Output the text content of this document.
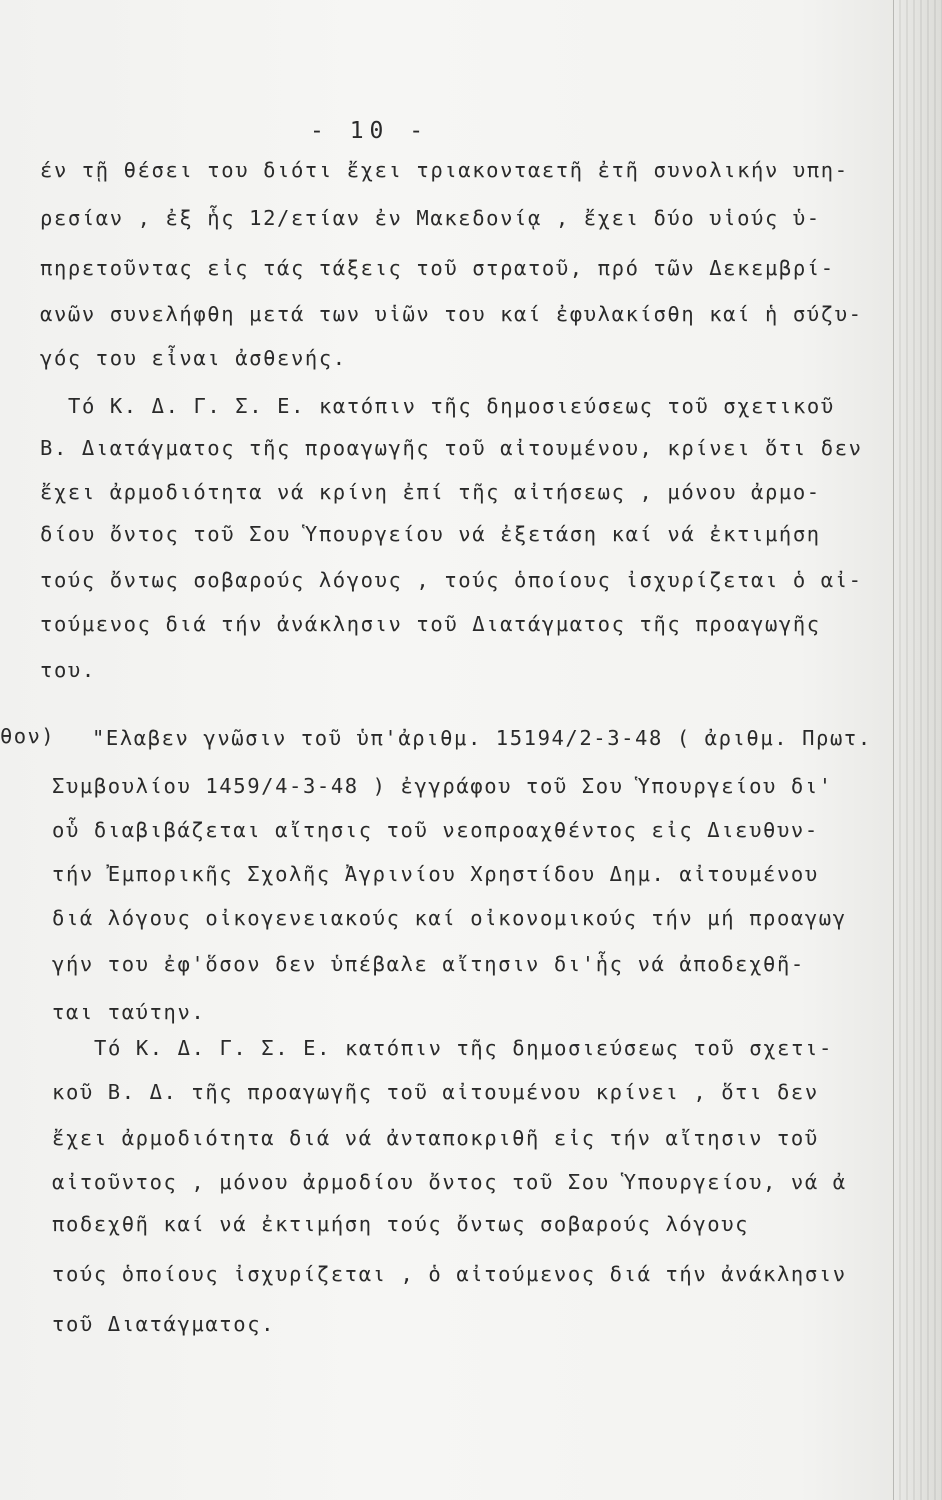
- 10 -
θον)
έν τῇ θέσει του διότι ἔχει τριακονταετῆ ἐτῆ συνολικήν υπη-
ρεσίαν , ἐξ ἧς 12/ετίαν ἐν Μακεδονίᾳ , ἔχει δύο υἱούς ὑ-
πηρετοῦντας εἰς τάς τάξεις τοῦ στρατοῦ, πρό τῶν Δεκεμβρί-
ανῶν συνελήφθη μετά των υἱῶν του καί ἐφυλακίσθη καί ἡ σύζυ-
γός του εἶναι ἀσθενής.
Τό Κ. Δ. Γ. Σ. Ε. κατόπιν τῆς δημοσιεύσεως τοῦ σχετικοῦ
Β. Διατάγματος τῆς προαγωγῆς τοῦ αἰτουμένου, κρίνει ὅτι δεν
ἔχει ἀρμοδιότητα νά κρίνη ἐπί τῆς αἰτήσεως , μόνου ἀρμο-
δίου ὄντος τοῦ Σου Ὑπουργείου νά ἐξετάση καί νά ἐκτιμήση
τούς ὄντως σοβαρούς λόγους , τούς ὁποίους ἰσχυρίζεται ὁ αἰ-
τούμενος διά τήν ἀνάκλησιν τοῦ Διατάγματος τῆς προαγωγῆς
του.
"Ελαβεν γνῶσιν τοῦ ὑπ'ἀριθμ. 15194/2-3-48 ( ἀριθμ. Πρωτ.
Συμβουλίου 1459/4-3-48 ) ἐγγράφου τοῦ Σου Ὑπουργείου δι'
οὗ διαβιβάζεται αἴτησις τοῦ νεοπροαχθέντος εἰς Διευθυν-
τήν Ἐμπορικῆς Σχολῆς Ἀγρινίου Χρηστίδου Δημ. αἰτουμένου
διά λόγους οἰκογενειακούς καί οἰκονομικούς τήν μή προαγωγ
γήν του ἐφ'ὅσον δεν ὑπέβαλε αἴτησιν δι'ἧς νά ἀποδεχθῆ-
ται ταύτην.
Τό Κ. Δ. Γ. Σ. Ε. κατόπιν τῆς δημοσιεύσεως τοῦ σχετι-
κοῦ Β. Δ. τῆς προαγωγῆς τοῦ αἰτουμένου κρίνει , ὅτι δεν
ἔχει ἀρμοδιότητα διά νά ἀνταποκριθῆ εἰς τήν αἴτησιν τοῦ
αἰτοῦντος , μόνου ἀρμοδίου ὄντος τοῦ Σου Ὑπουργείου, νά ἀ
ποδεχθῆ καί νά ἐκτιμήση τούς ὄντως σοβαρούς λόγους
τούς ὁποίους ἰσχυρίζεται , ὁ αἰτούμενος διά τήν ἀνάκλησιν
τοῦ Διατάγματος.
